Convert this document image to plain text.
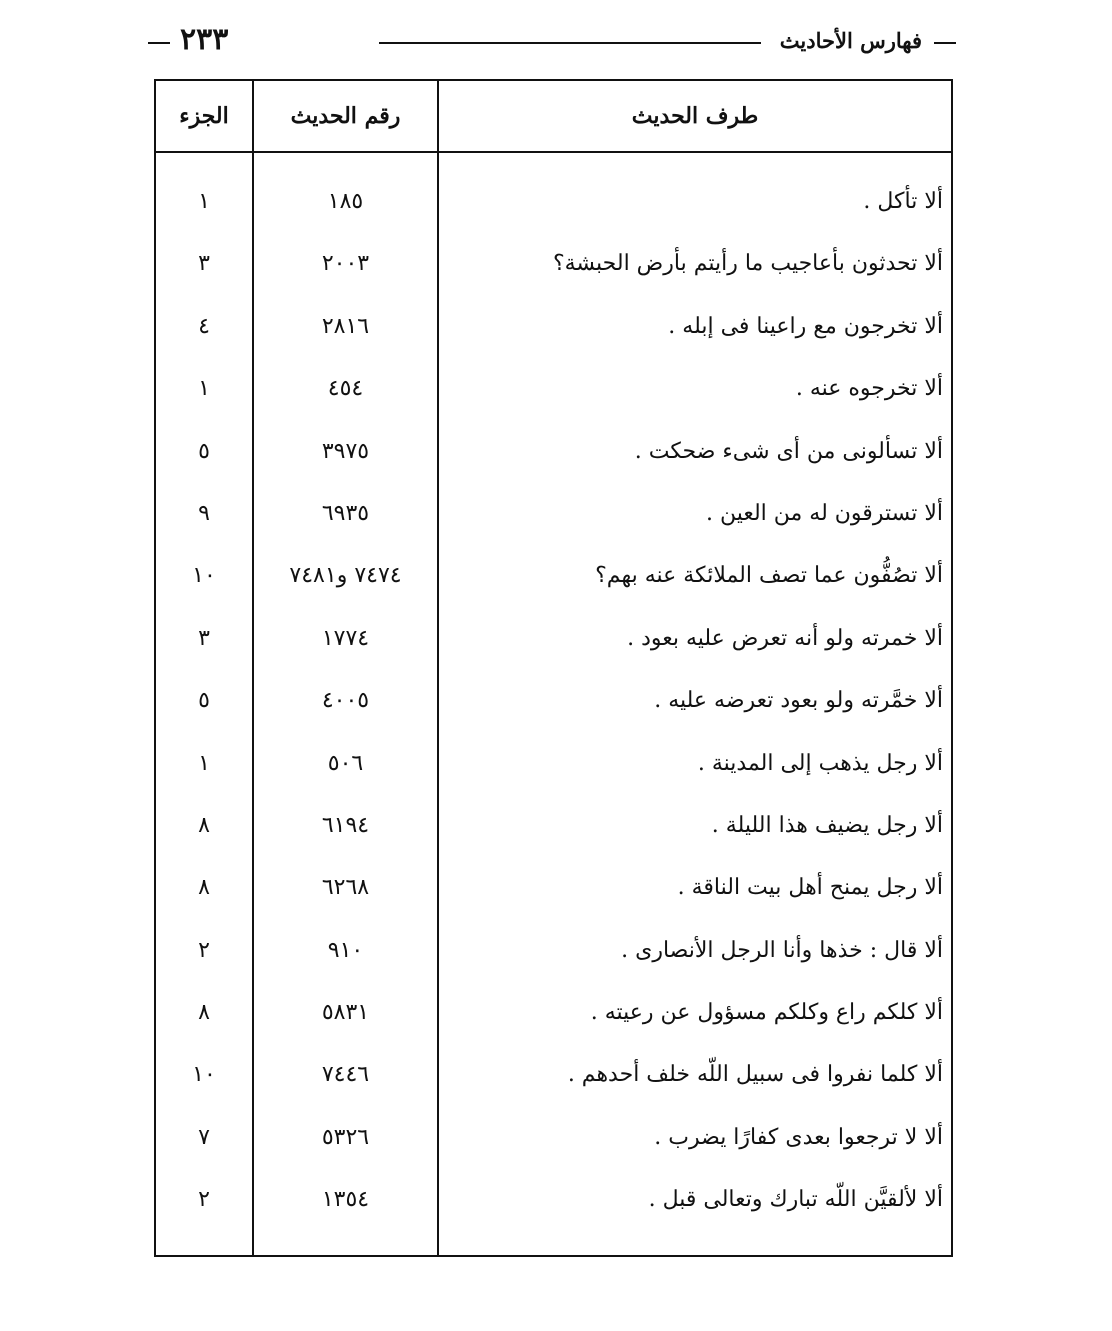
فهارس الأحاديث
٢٣٣
طرف الحديث
رقم الحديث
الجزء
ألا تأكل .
١٨٥
١
ألا تحدثون بأعاجيب ما رأيتم بأرض الحبشة؟
٢٠٠٣
٣
ألا تخرجون مع راعينا فى إبله .
٢٨١٦
٤
ألا تخرجوه عنه .
٤٥٤
١
ألا تسألونى من أى شىء ضحكت .
٣٩٧٥
٥
ألا تسترقون له من العين .
٦٩٣٥
٩
ألا تصُفُّون عما تصف الملائكة عنه بهم؟
٧٤٧٤ و٧٤٨١
١٠
ألا خمرته ولو أنه تعرض عليه بعود .
١٧٧٤
٣
ألا خمَّرته ولو بعود تعرضه عليه .
٤٠٠٥
٥
ألا رجل يذهب إلى المدينة .
٥٠٦
١
ألا رجل يضيف هذا الليلة .
٦١٩٤
٨
ألا رجل يمنح أهل بيت الناقة .
٦٢٦٨
٨
ألا قال : خذها وأنا الرجل الأنصارى .
٩١٠
٢
ألا كلكم راع وكلكم مسؤول عن رعيته .
٥٨٣١
٨
ألا كلما نفروا فى سبيل اللّه خلف أحدهم .
٧٤٤٦
١٠
ألا لا ترجعوا بعدى كفارًا يضرب .
٥٣٢٦
٧
ألا لألقيَّن اللّه تبارك وتعالى قبل .
١٣٥٤
٢
